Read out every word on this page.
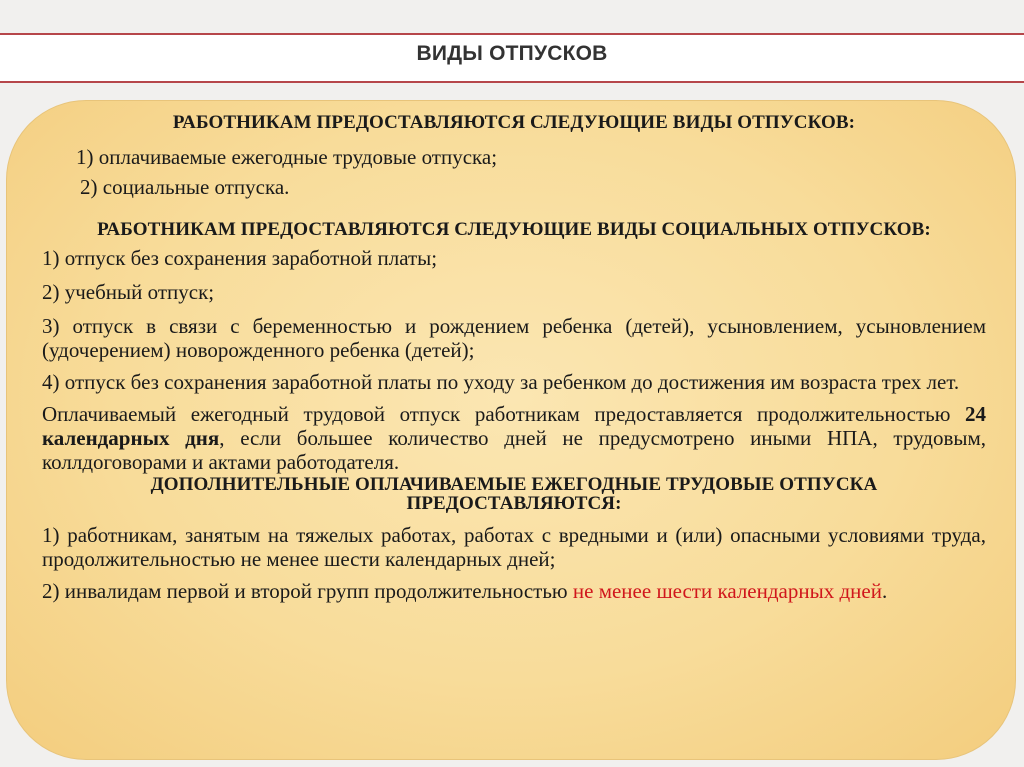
ВИДЫ ОТПУСКОВ
РАБОТНИКАМ ПРЕДОСТАВЛЯЮТСЯ СЛЕДУЮЩИЕ ВИДЫ ОТПУСКОВ:
1) оплачиваемые ежегодные трудовые отпуска;
2) социальные отпуска.
РАБОТНИКАМ ПРЕДОСТАВЛЯЮТСЯ СЛЕДУЮЩИЕ ВИДЫ СОЦИАЛЬНЫХ ОТПУСКОВ:
1) отпуск без сохранения заработной платы;
2) учебный отпуск;
3) отпуск в связи с беременностью и рождением ребенка (детей), усыновлением, усыновлением (удочерением) новорожденного ребенка (детей);
4) отпуск без сохранения заработной платы по уходу за ребенком до достижения им возраста трех лет.
Оплачиваемый ежегодный трудовой отпуск работникам предоставляется продолжительностью 24 календарных дня, если большее количество дней не предусмотрено иными НПА, трудовым, коллдоговорами и актами работодателя.
ДОПОЛНИТЕЛЬНЫЕ ОПЛАЧИВАЕМЫЕ ЕЖЕГОДНЫЕ ТРУДОВЫЕ ОТПУСКА ПРЕДОСТАВЛЯЮТСЯ:
1) работникам, занятым на тяжелых работах, работах с вредными и (или) опасными условиями труда, продолжительностью не менее шести календарных дней;
2) инвалидам первой и второй групп продолжительностью не менее шести календарных дней.
